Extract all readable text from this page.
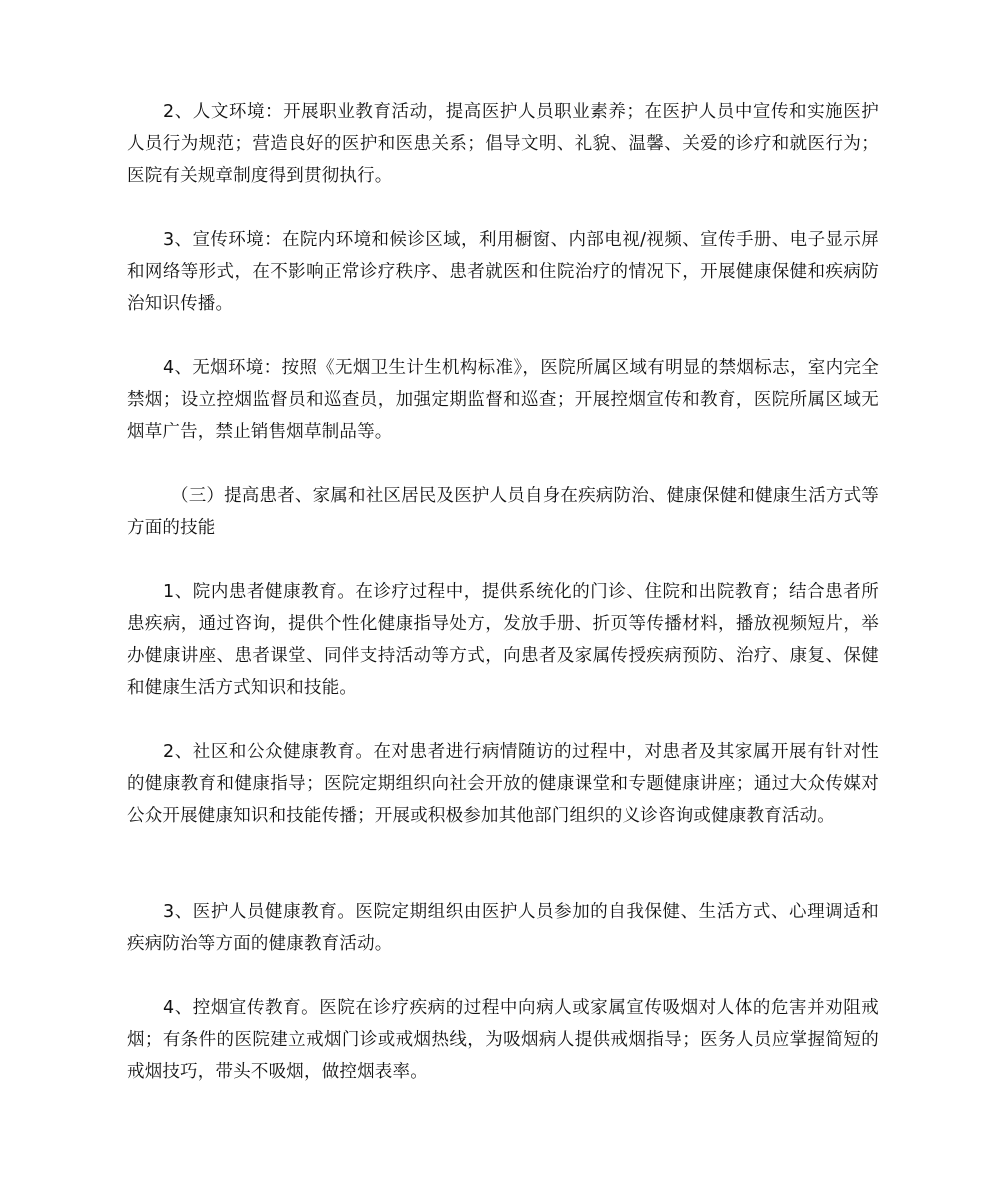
2、人文环境：开展职业教育活动，提高医护人员职业素养；在医护人员中宣传和实施医护人员行为规范；营造良好的医护和医患关系；倡导文明、礼貌、温馨、关爱的诊疗和就医行为；医院有关规章制度得到贯彻执行。

3、宣传环境：在院内环境和候诊区域，利用橱窗、内部电视/视频、宣传手册、电子显示屏和网络等形式，在不影响正常诊疗秩序、患者就医和住院治疗的情况下，开展健康保健和疾病防治知识传播。

4、无烟环境：按照《无烟卫生计生机构标准》，医院所属区域有明显的禁烟标志，室内完全禁烟；设立控烟监督员和巡查员，加强定期监督和巡查；开展控烟宣传和教育，医院所属区域无烟草广告，禁止销售烟草制品等。

（三）提高患者、家属和社区居民及医护人员自身在疾病防治、健康保健和健康生活方式等方面的技能

1、院内患者健康教育。在诊疗过程中，提供系统化的门诊、住院和出院教育；结合患者所患疾病，通过咨询，提供个性化健康指导处方，发放手册、折页等传播材料，播放视频短片，举办健康讲座、患者课堂、同伴支持活动等方式，向患者及家属传授疾病预防、治疗、康复、保健和健康生活方式知识和技能。

2、社区和公众健康教育。在对患者进行病情随访的过程中，对患者及其家属开展有针对性的健康教育和健康指导；医院定期组织向社会开放的健康课堂和专题健康讲座；通过大众传媒对公众开展健康知识和技能传播；开展或积极参加其他部门组织的义诊咨询或健康教育活动。

3、医护人员健康教育。医院定期组织由医护人员参加的自我保健、生活方式、心理调适和疾病防治等方面的健康教育活动。

4、控烟宣传教育。医院在诊疗疾病的过程中向病人或家属宣传吸烟对人体的危害并劝阻戒烟；有条件的医院建立戒烟门诊或戒烟热线，为吸烟病人提供戒烟指导；医务人员应掌握简短的戒烟技巧，带头不吸烟，做控烟表率。
